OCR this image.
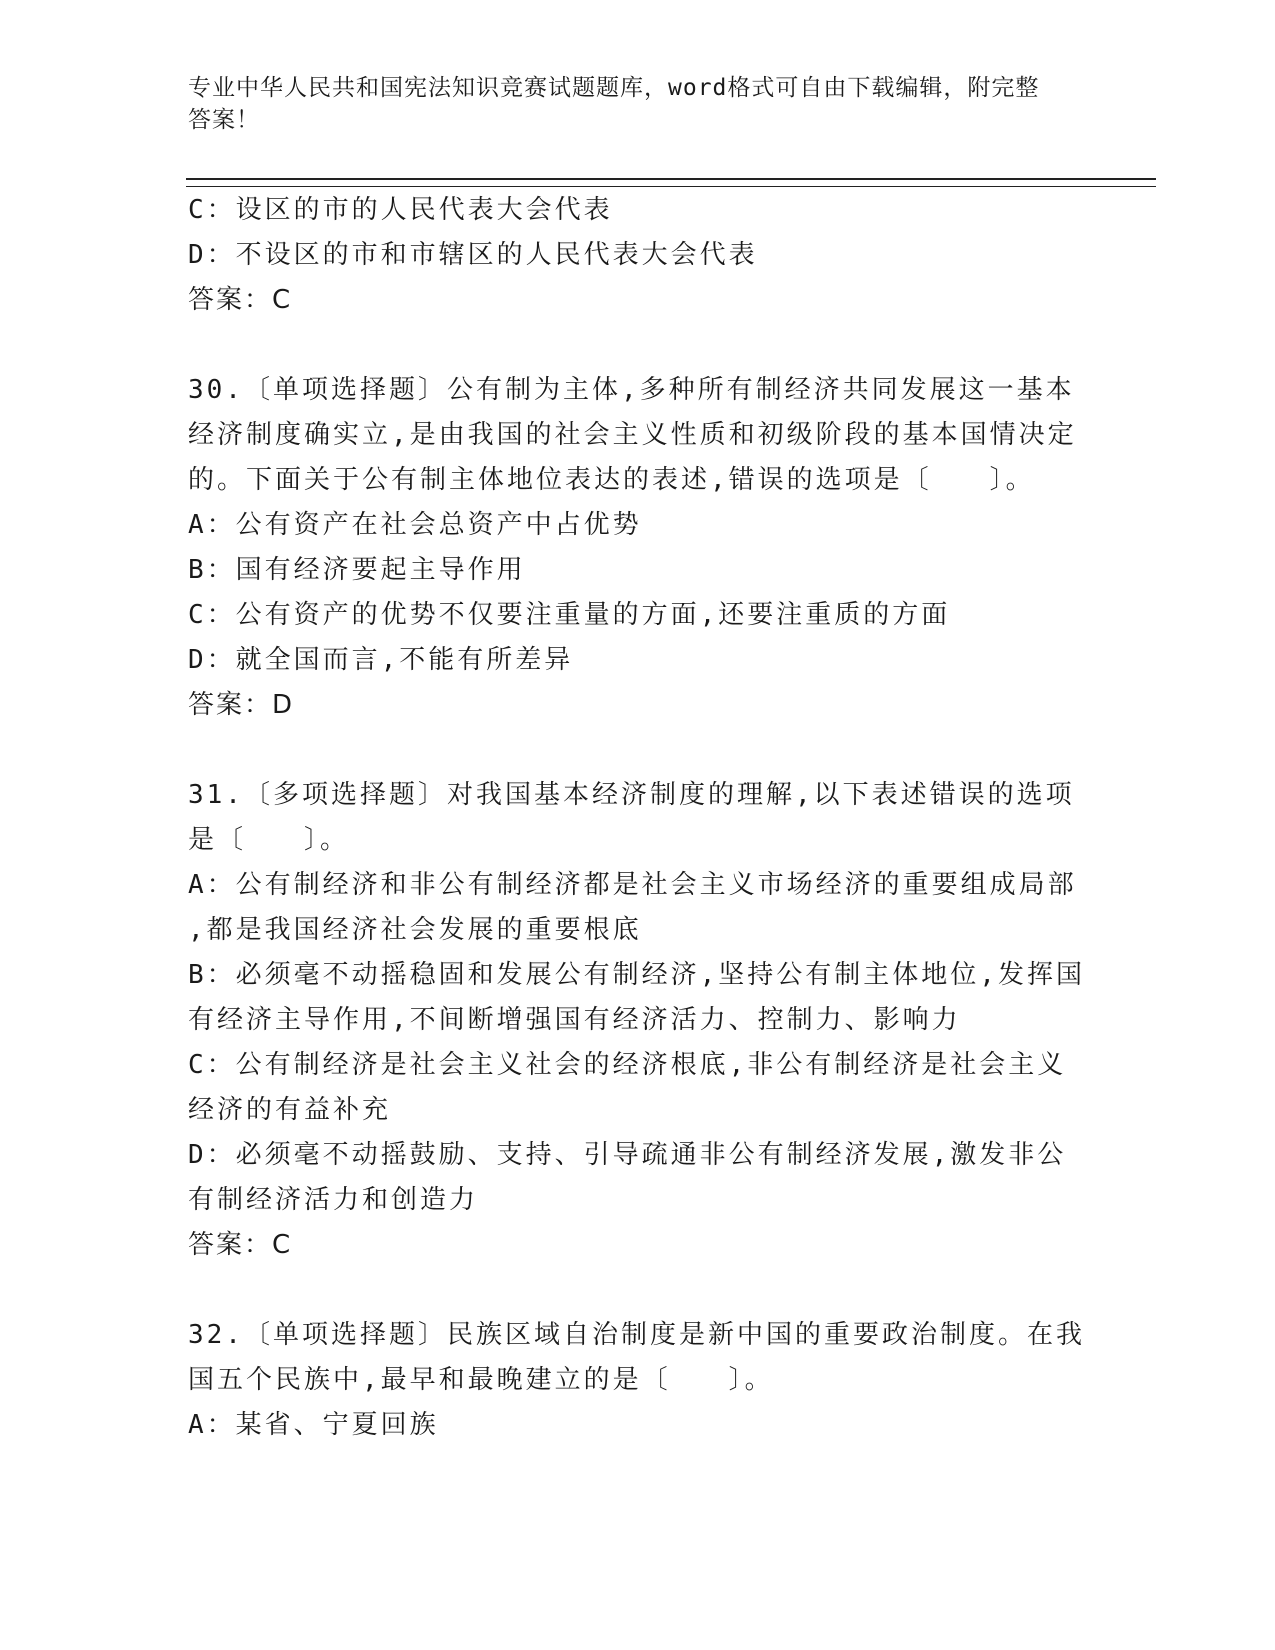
专业中华人民共和国宪法知识竞赛试题题库，word格式可自由下载编辑，附完整
答案！
C：设区的市的人民代表大会代表
D：不设区的市和市辖区的人民代表大会代表
答案：C
30.〔单项选择题〕公有制为主体,多种所有制经济共同发展这一基本
经济制度确实立,是由我国的社会主义性质和初级阶段的基本国情决定
的。下面关于公有制主体地位表达的表述,错误的选项是〔　　〕。
A：公有资产在社会总资产中占优势
B：国有经济要起主导作用
C：公有资产的优势不仅要注重量的方面,还要注重质的方面
D：就全国而言,不能有所差异
答案：D
31.〔多项选择题〕对我国基本经济制度的理解,以下表述错误的选项
是〔　　〕。
A：公有制经济和非公有制经济都是社会主义市场经济的重要组成局部
,都是我国经济社会发展的重要根底
B：必须毫不动摇稳固和发展公有制经济,坚持公有制主体地位,发挥国
有经济主导作用,不间断增强国有经济活力、控制力、影响力
C：公有制经济是社会主义社会的经济根底,非公有制经济是社会主义
经济的有益补充
D：必须毫不动摇鼓励、支持、引导疏通非公有制经济发展,激发非公
有制经济活力和创造力
答案：C
32.〔单项选择题〕民族区域自治制度是新中国的重要政治制度。在我
国五个民族中,最早和最晚建立的是〔　　〕。
A：某省、宁夏回族
